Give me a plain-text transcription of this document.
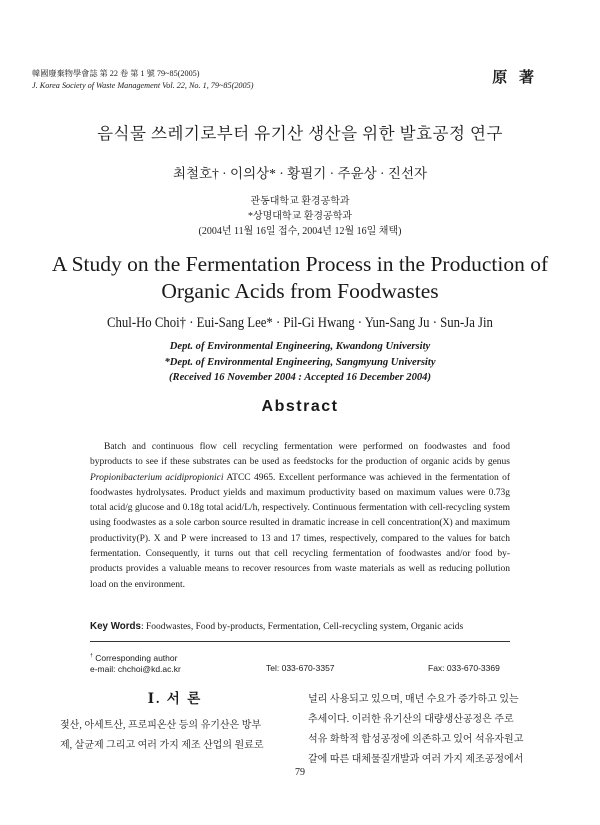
韓國廢棄物學會誌 第 22 卷 第 1 號 79~85(2005)
J. Korea Society of Waste Management Vol. 22, No. 1, 79~85(2005)	原 著
음식물 쓰레기로부터 유기산 생산을 위한 발효공정 연구
최철호† · 이의상* · 황필기 · 주윤상 · 진선자
관동대학교 환경공학과
*상명대학교 환경공학과
(2004년 11월 16일 접수, 2004년 12월 16일 채택)
A Study on the Fermentation Process in the Production of
Organic Acids from Foodwastes
Chul-Ho Choi† · Eui-Sang Lee* · Pil-Gi Hwang · Yun-Sang Ju · Sun-Ja Jin
Dept. of Environmental Engineering, Kwandong University
*Dept. of Environmental Engineering, Sangmyung University
(Received 16 November 2004 : Accepted 16 December 2004)
Abstract
Batch and continuous flow cell recycling fermentation were performed on foodwastes and food byproducts to see if these substrates can be used as feedstocks for the production of organic acids by genus Propionibacterium acidipropionici ATCC 4965. Excellent performance was achieved in the fermentation of foodwastes hydrolysates. Product yields and maximum productivity based on maximum values were 0.73g total acid/g glucose and 0.18g total acid/L/h, respectively. Continuous fermentation with cell-recycling system using foodwastes as a sole carbon source resulted in dramatic increase in cell concentration(X) and maximum productivity(P). X and P were increased to 13 and 17 times, respectively, compared to the values for batch fermentation. Consequently, it turns out that cell recycling fermentation of foodwastes and/or food by-products provides a valuable means to recover resources from waste materials as well as reducing pollution load on the environment.
Key Words: Foodwastes, Food by-products, Fermentation, Cell-recycling system, Organic acids
† Corresponding author
e-mail: chchoi@kd.ac.kr	Tel: 033-670-3357	Fax: 033-670-3369
Ⅰ. 서 론
젖산, 아세트산, 프로피온산 등의 유기산은 방부
제, 살균제 그리고 여러 가지 제조 산업의 원료로
널리 사용되고 있으며, 매년 수요가 증가하고 있는
추세이다. 이러한 유기산의 대량생산공정은 주로
석유 화학적 합성공정에 의존하고 있어 석유자원고
갈에 따른 대체물질개발과 여러 가지 제조공정에서
79
